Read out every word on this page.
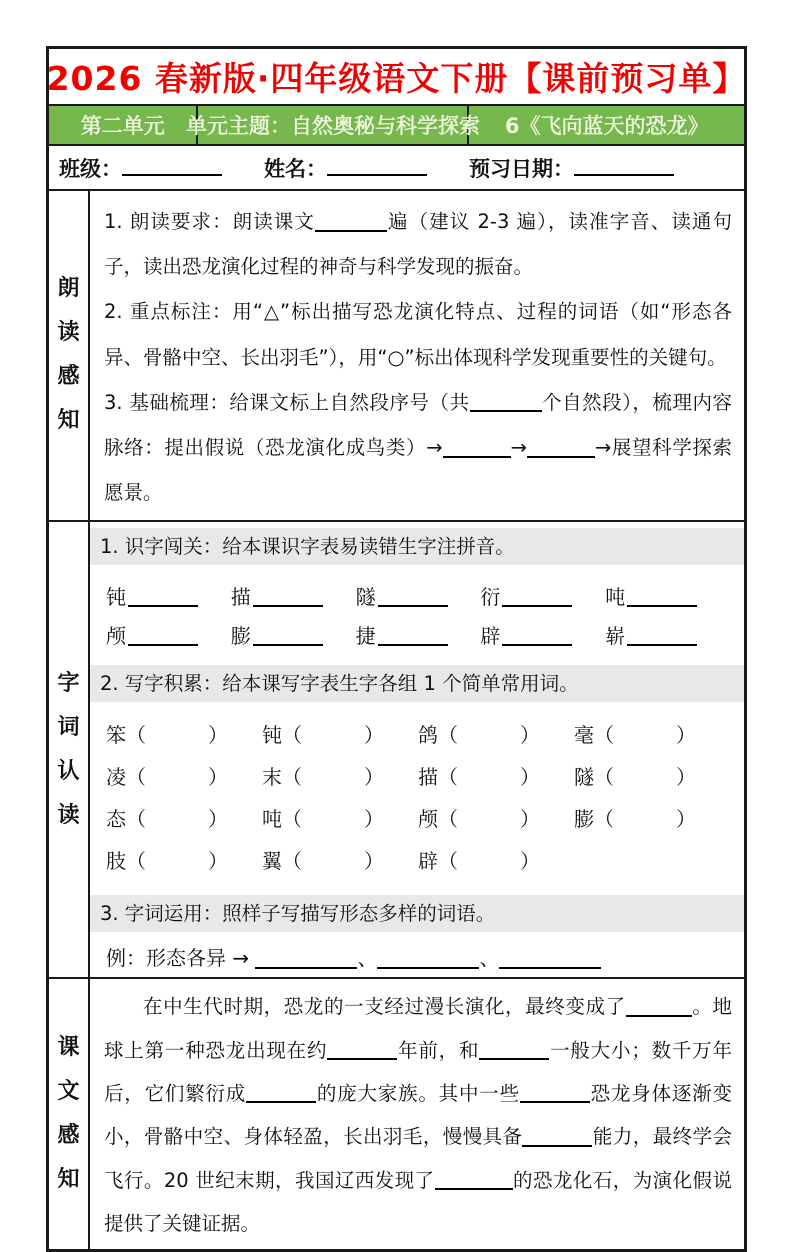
2026 春新版·四年级语文下册【课前预习单】
第二单元	单元主题：自然奥秘与科学探索	6《飞向蓝天的恐龙》
班级：	姓名：	预习日期：
朗
读
感
知
1. 朗读要求：朗读课文	遍（建议 2-3 遍），读准字音、读通句子，读出恐龙演化过程的神奇与科学发现的振奋。
2. 重点标注：用“△”标出描写恐龙演化特点、过程的词语（如“形态各异、骨骼中空、长出羽毛”），用“○”标出体现科学发现重要性的关键句。
3. 基础梳理：给课文标上自然段序号（共	个自然段），梳理内容脉络：提出假说（恐龙演化成鸟类）→	→	→展望科学探索愿景。
字
词
认
读
1. 识字闯关：给本课识字表易读错生字注拼音。
钝	描	隧	衍	吨
颅	膨	捷	辟	崭
2. 写字积累：给本课写字表生字各组 1 个简单常用词。
笨（	）	钝（	）	鸽（	）	毫（	）
凌（	）	末（	）	描（	）	隧（	）
态（	）	吨（	）	颅（	）	膨（	）
肢（	）	翼（	）	辟（	）
3. 字词运用：照样子写描写形态多样的词语。
例：形态各异 →	、	、
课
文
感
知
在中生代时期，恐龙的一支经过漫长演化，最终变成了	。地球上第一种恐龙出现在约	年前，和	一般大小；数千万年后，它们繁衍成	的庞大家族。其中一些	恐龙身体逐渐变小，骨骼中空、身体轻盈，长出羽毛，慢慢具备	能力，最终学会飞行。20 世纪末期，我国辽西发现了	的恐龙化石，为演化假说提供了关键证据。
